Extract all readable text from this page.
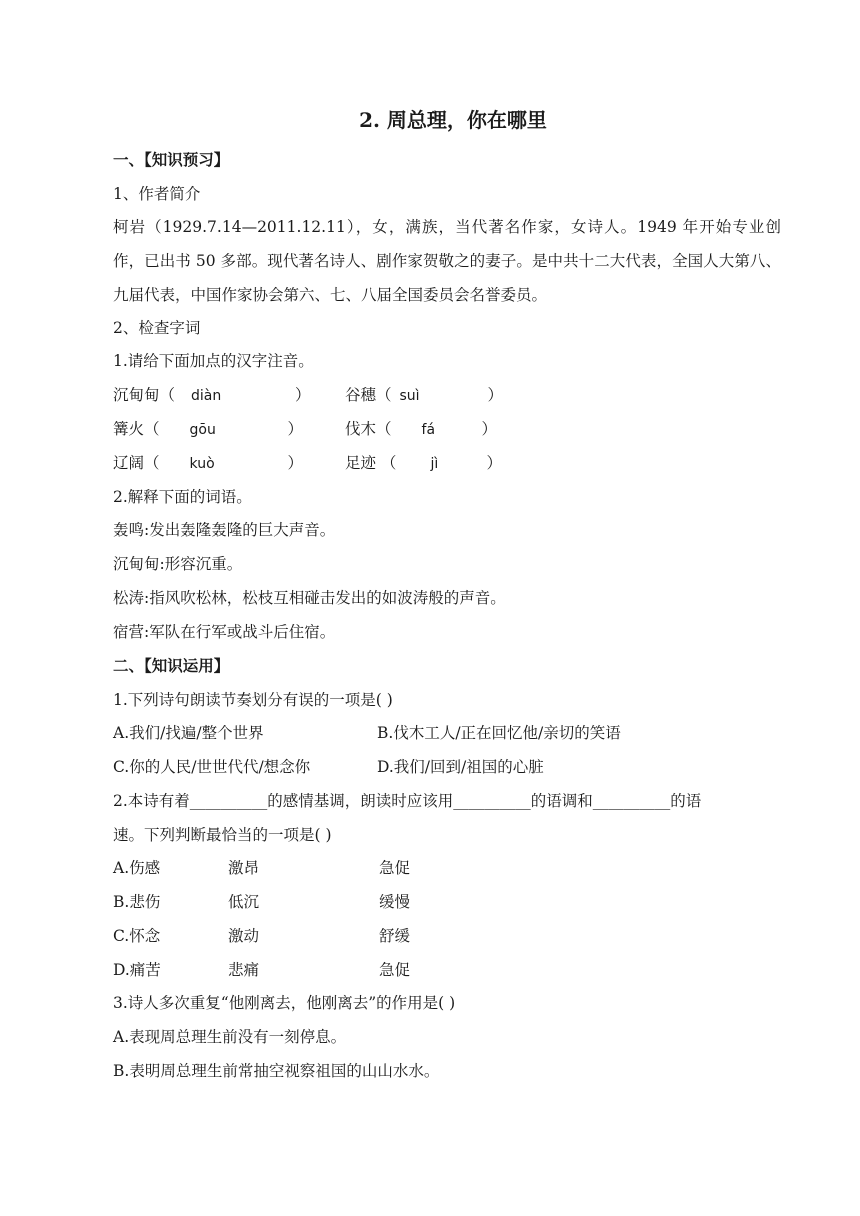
2. 周总理，你在哪里
一、【知识预习】
1、作者简介
柯岩（1929.7.14—2011.12.11），女，满族，当代著名作家，女诗人。1949 年开始专业创作，已出书 50 多部。现代著名诗人、剧作家贺敬之的妻子。是中共十二大代表，全国人大第八、九届代表，中国作家协会第六、七、八届全国委员会名誉委员。
2、检查字词
1.请给下面加点的汉字注音。
沉甸甸（ diàn	） 谷穗（ suì	）
篝火（ gōu	）	伐木（ fá	）
辽阔（ kuò	）	足迹 （ jì	）
2.解释下面的词语。
轰鸣:发出轰隆轰隆的巨大声音。
沉甸甸:形容沉重。
松涛:指风吹松林，松枝互相碰击发出的如波涛般的声音。
宿营:军队在行军或战斗后住宿。
二、【知识运用】
1.下列诗句朗读节奏划分有误的一项是( )
A.我们/找遍/整个世界	B.伐木工人/正在回忆他/亲切的笑语
C.你的人民/世世代代/想念你	D.我们/回到/祖国的心脏
2.本诗有着__________的感情基调，朗读时应该用__________的语调和__________的语
速。下列判断最恰当的一项是( )
A.伤感	激昂	急促
B.悲伤	低沉	缓慢
C.怀念	激动	舒缓
D.痛苦	悲痛	急促
3.诗人多次重复“他刚离去，他刚离去”的作用是( )
A.表现周总理生前没有一刻停息。
B.表明周总理生前常抽空视察祖国的山山水水。
